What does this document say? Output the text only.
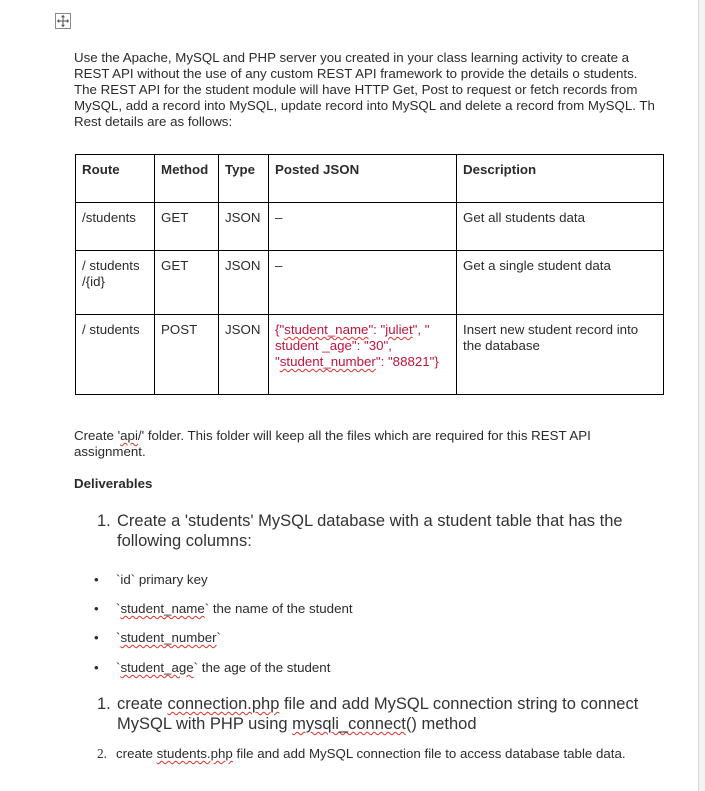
Use the Apache, MySQL and PHP server you created in your class learning activity to create a
REST API without the use of any custom REST API framework to provide the details o students.
The REST API for the student module will have HTTP Get, Post to request or fetch records from
MySQL, add a record into MySQL, update record into MySQL and delete a record from MySQL. Th
Rest details are as follows:

Route	Method	Type	Posted JSON	Description
/students	GET	JSON	–	Get all students data
/ students
/{id}	GET	JSON	–	Get a single student data
/ students	POST	JSON	{"student_name": "juliet", "
student _age": "30",
"student_number": "88821"}	Insert new student record into
the database

Create 'api/' folder. This folder will keep all the files which are required for this REST API
assignment.

Deliverables

1. Create a 'students' MySQL database with a student table that has the following columns:
•	`id` primary key
•	`student_name` the name of the student
•	`student_number`
•	`student_age` the age of the student
1. create connection.php file and add MySQL connection string to connect
MySQL with PHP using mysqli_connect() method
2. create students.php file and add MySQL connection file to access database table data.
